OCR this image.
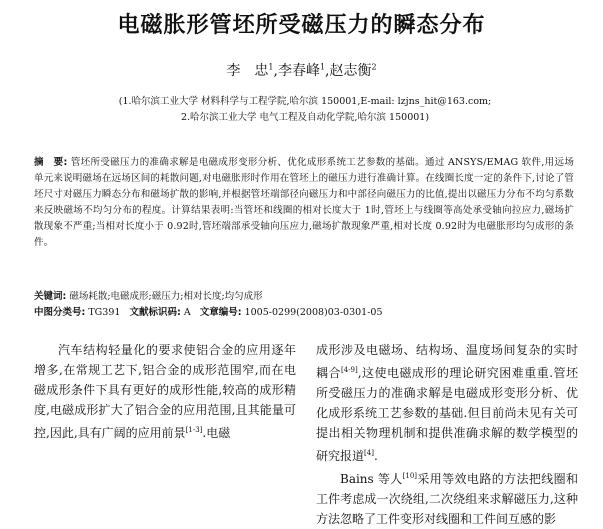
电磁胀形管坯所受磁压力的瞬态分布
李　忠$^1$,李春峰$^1$,赵志衡$^2$
(1.哈尔滨工业大学 材料科学与工程学院,哈尔滨 150001,E-mail: lzjns_hit@163.com;
2.哈尔滨工业大学 电气工程及自动化学院,哈尔滨 150001)
摘　要: 管坯所受磁压力的准确求解是电磁成形变形分析、优化成形系统工艺参数的基础。通过 ANSYS/EMAG 软件,用远场单元来说明磁场在远场区间的耗散问题,对电磁胀形时作用在管坯上的磁压力进行准确计算。在线圈长度一定的条件下,讨论了管坯尺寸对磁压力瞬态分布和磁场扩散的影响,并根据管坯端部径向磁压力和中部径向磁压力的比值,提出以磁压力分布不均匀系数来反映磁场不均匀分布的程度。计算结果表明:当管坯和线圈的相对长度大于 1时,管坯上与线圈等高处承受轴向拉应力,磁场扩散现象不严重;当相对长度小于 0.92时,管坯端部承受轴向压应力,磁场扩散现象严重,相对长度 0.92时为电磁胀形均匀成形的条件。
关键词: 磁场耗散;电磁成形;磁压力;相对长度;均匀成形
中图分类号: TG391 文献标识码: A 文章编号: 1005-0299(2008)03-0301-05
汽车结构轻量化的要求使铝合金的应用逐年增多,在常规工艺下,铝合金的成形范围窄,而在电磁成形条件下具有更好的成形性能,较高的成形精度,电磁成形扩大了铝合金的应用范围,且其能量可控,因此,具有广阔的应用前景[1-3].电磁

成形涉及电磁场、结构场、温度场间复杂的实时耦合[4-9],这使电磁成形的理论研究困难重重.管坯所受磁压力的准确求解是电磁成形变形分析、优化成形系统工艺参数的基础.但目前尚未见有关可提出相关物理机制和提供准确求解的数学模型的研究报道[4].

Bains 等人[10]采用等效电路的方法把线圈和工件考虑成一次绕组,二次绕组来求解磁压力,这种方法忽略了工件变形对线圈和工件间互感的影
